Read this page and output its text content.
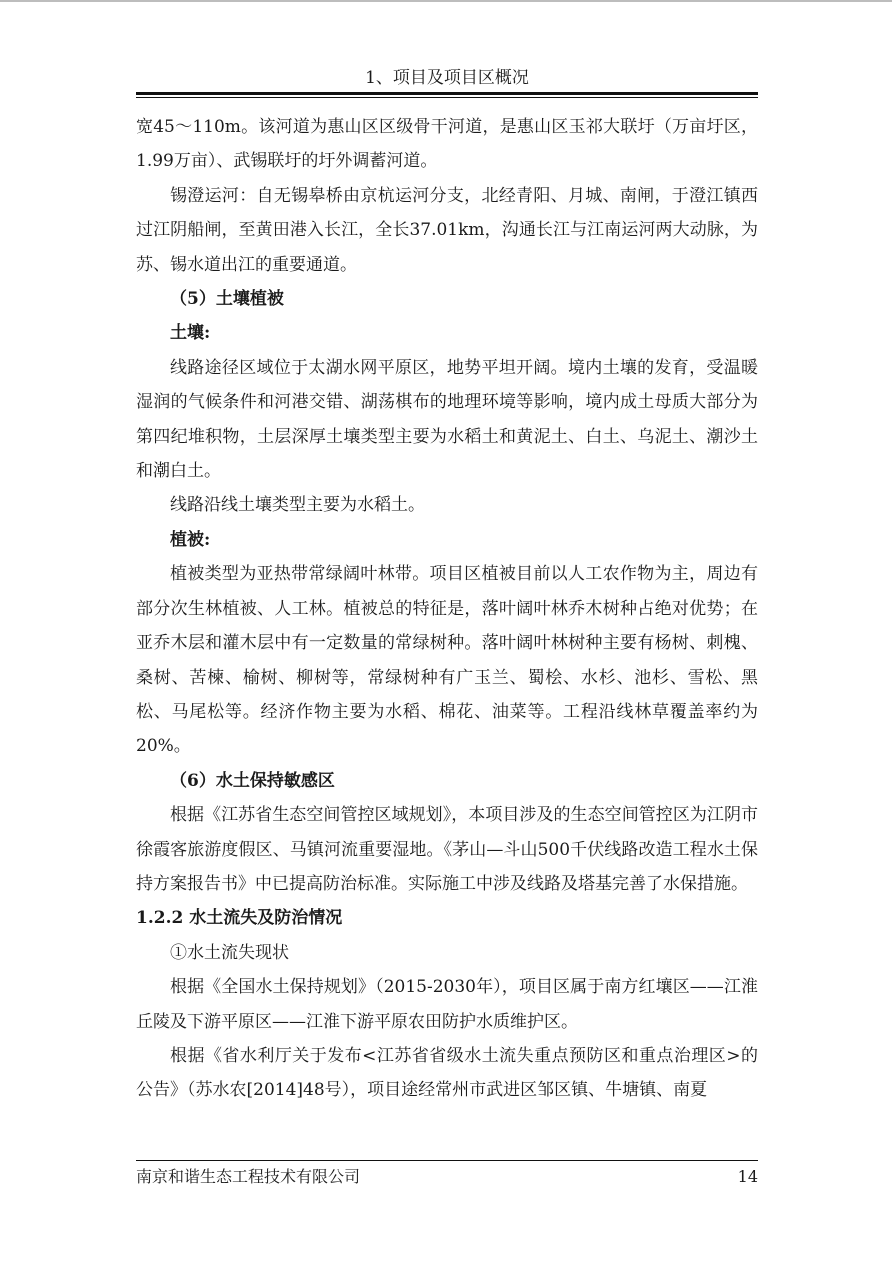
1、项目及项目区概况

宽45～110m。该河道为惠山区区级骨干河道，是惠山区玉祁大联圩（万亩圩区，1.99万亩）、武锡联圩的圩外调蓄河道。

锡澄运河：自无锡皋桥由京杭运河分支，北经青阳、月城、南闸，于澄江镇西过江阴船闸，至黄田港入长江，全长37.01km，沟通长江与江南运河两大动脉，为苏、锡水道出江的重要通道。

（5）土壤植被

土壤:

线路途径区域位于太湖水网平原区，地势平坦开阔。境内土壤的发育，受温暖湿润的气候条件和河港交错、湖荡棋布的地理环境等影响，境内成土母质大部分为第四纪堆积物，土层深厚土壤类型主要为水稻土和黄泥土、白土、乌泥土、潮沙土和潮白土。

线路沿线土壤类型主要为水稻土。

植被:

植被类型为亚热带常绿阔叶林带。项目区植被目前以人工农作物为主，周边有部分次生林植被、人工林。植被总的特征是，落叶阔叶林乔木树种占绝对优势；在亚乔木层和灌木层中有一定数量的常绿树种。落叶阔叶林树种主要有杨树、刺槐、桑树、苦楝、榆树、柳树等，常绿树种有广玉兰、蜀桧、水杉、池杉、雪松、黑松、马尾松等。经济作物主要为水稻、棉花、油菜等。工程沿线林草覆盖率约为20%。

（6）水土保持敏感区

根据《江苏省生态空间管控区域规划》，本项目涉及的生态空间管控区为江阴市徐霞客旅游度假区、马镇河流重要湿地。《茅山—斗山500千伏线路改造工程水土保持方案报告书》中已提高防治标准。实际施工中涉及线路及塔基完善了水保措施。

1.2.2 水土流失及防治情况

①水土流失现状

根据《全国水土保持规划》（2015-2030年），项目区属于南方红壤区——江淮丘陵及下游平原区——江淮下游平原农田防护水质维护区。

根据《省水利厅关于发布<江苏省省级水土流失重点预防区和重点治理区>的公告》（苏水农[2014]48号），项目途经常州市武进区邹区镇、牛塘镇、南夏

南京和谐生态工程技术有限公司	14
